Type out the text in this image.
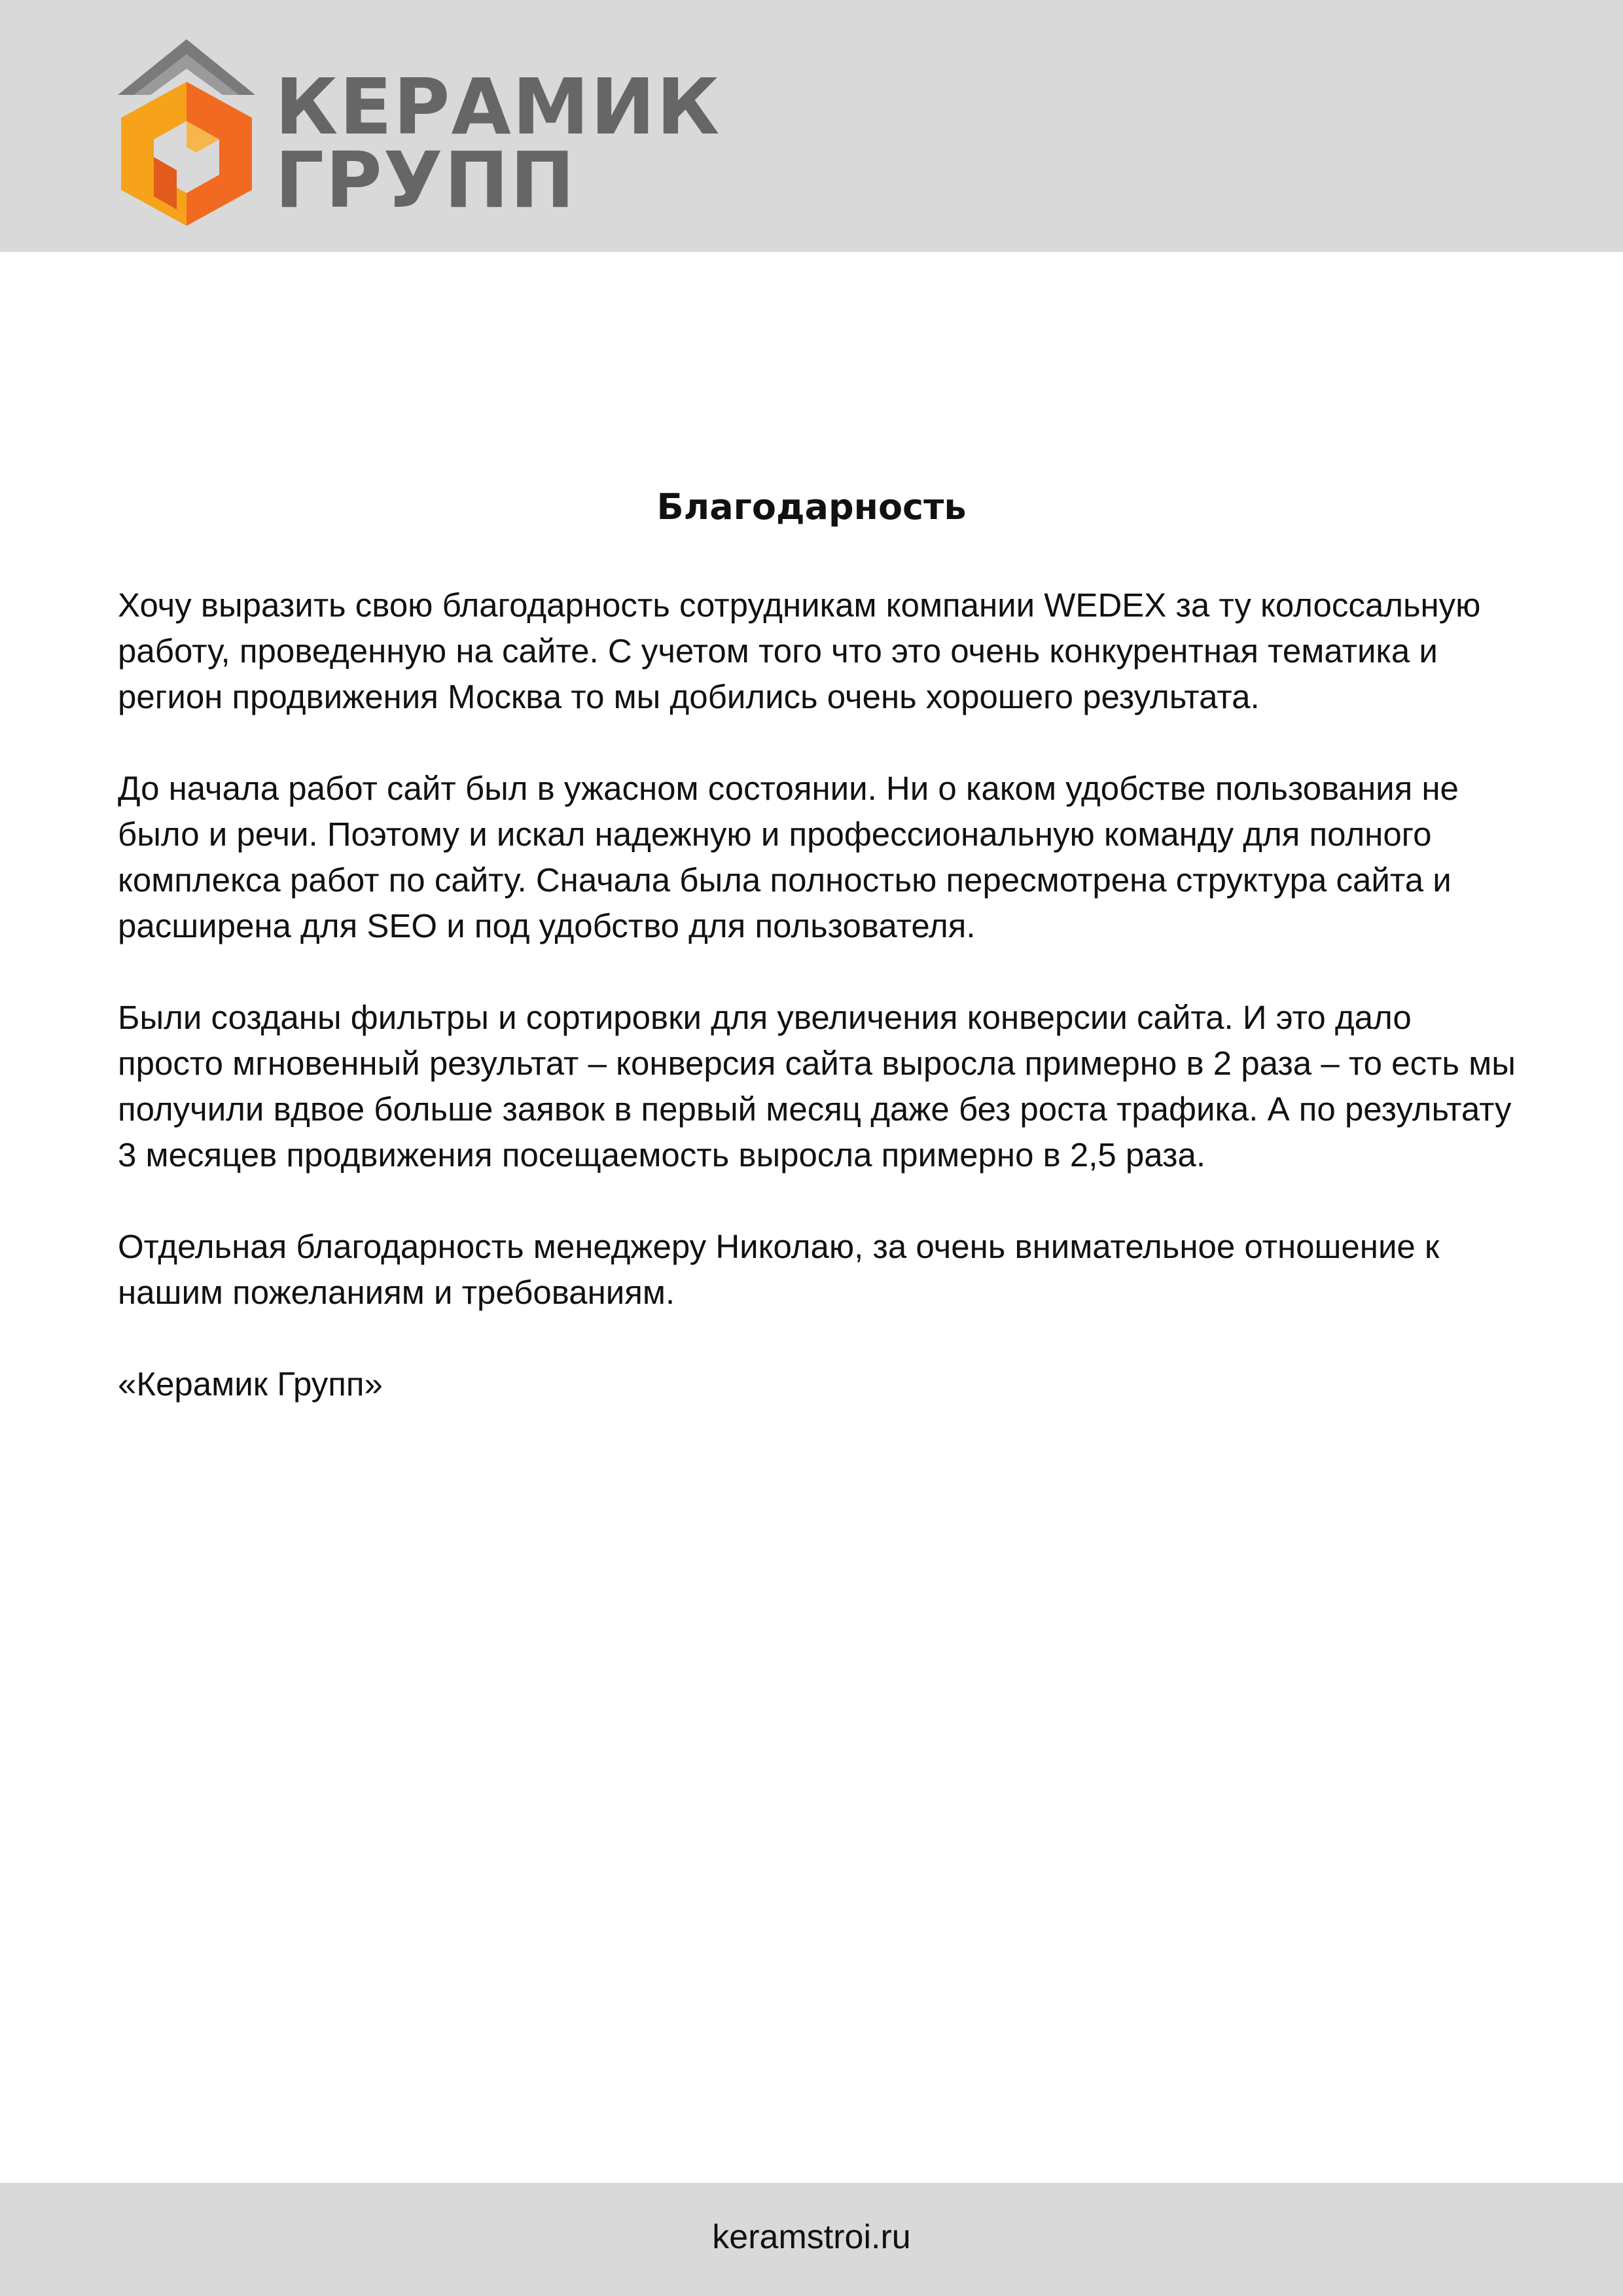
КЕРАМИК
ГРУПП
Благодарность

Хочу выразить свою благодарность сотрудникам компании WEDEX за ту колоссальную работу, проведенную на сайте. С учетом того что это очень конкурентная тематика и регион продвижения Москва то мы добились очень хорошего результата.

До начала работ сайт был в ужасном состоянии. Ни о каком удобстве пользования не было и речи. Поэтому и искал надежную и профессиональную команду для полного комплекса работ по сайту. Сначала была полностью пересмотрена структура сайта и расширена для SEO и под удобство для пользователя.

Были созданы фильтры и сортировки для увеличения конверсии сайта. И это дало просто мгновенный результат – конверсия сайта выросла примерно в 2 раза – то есть мы получили вдвое больше заявок в первый месяц даже без роста трафика. А по результату 3 месяцев продвижения посещаемость выросла примерно в 2,5 раза.

Отдельная благодарность менеджеру Николаю, за очень внимательное отношение к нашим пожеланиям и требованиям.

«Керамик Групп»

keramstroi.ru
